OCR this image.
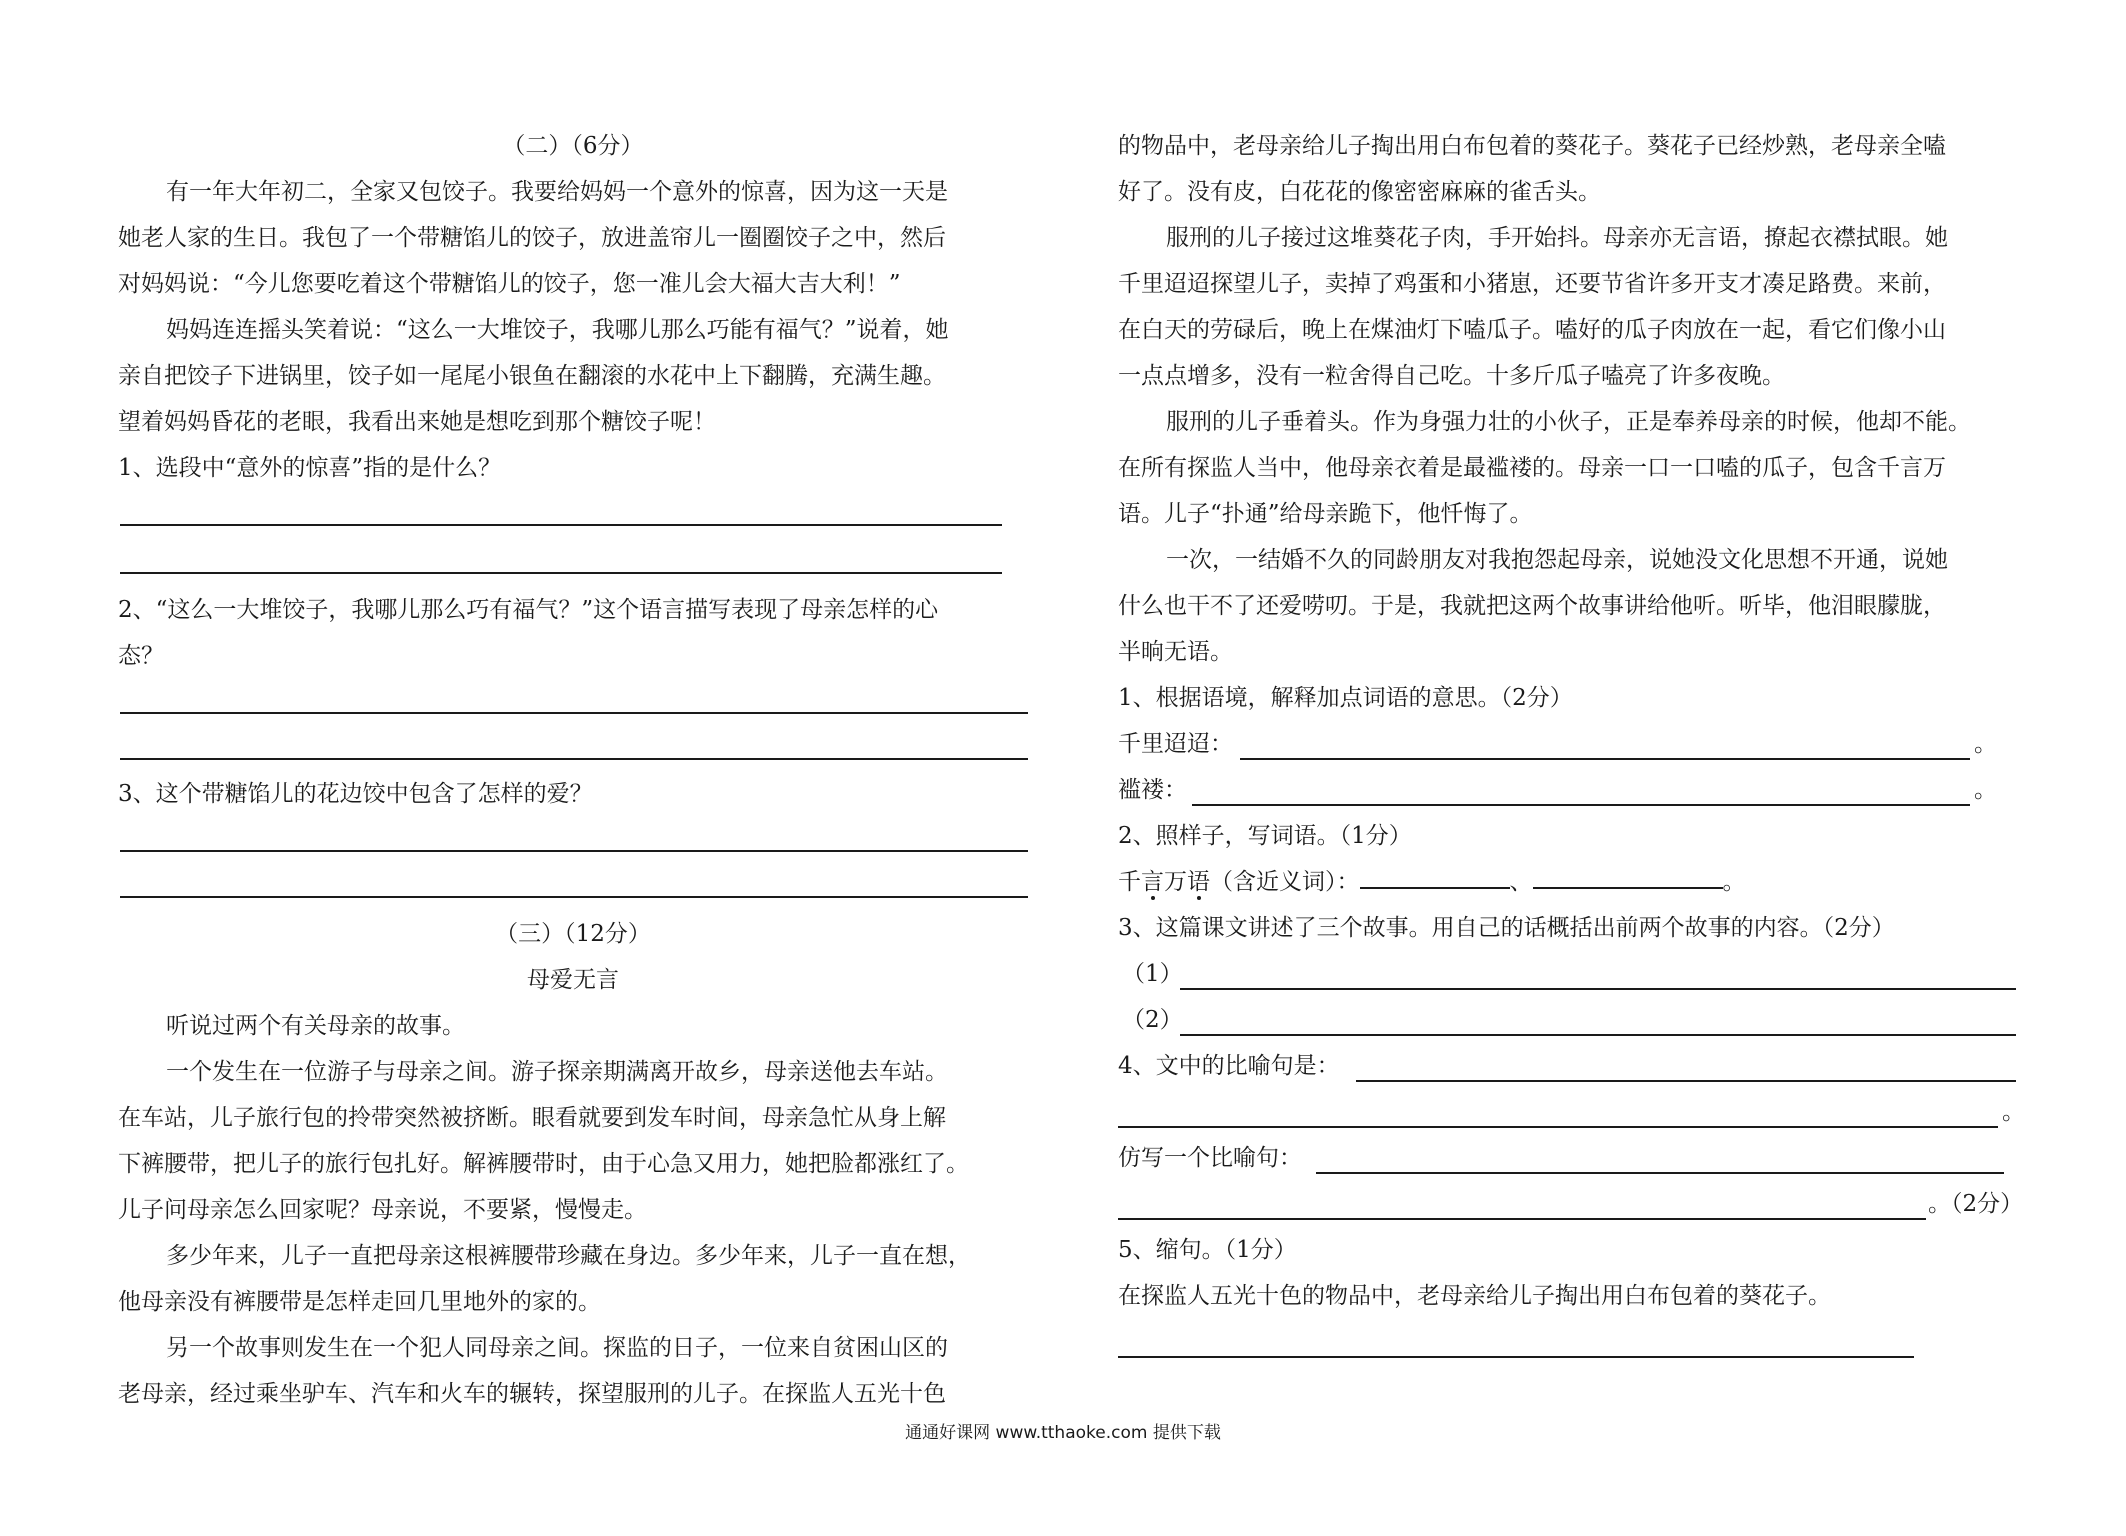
（二）（6分）
有一年大年初二，全家又包饺子。我要给妈妈一个意外的惊喜，因为这一天是
她老人家的生日。我包了一个带糖馅儿的饺子，放进盖帘儿一圈圈饺子之中，然后
对妈妈说：“今儿您要吃着这个带糖馅儿的饺子，您一准儿会大福大吉大利！”
妈妈连连摇头笑着说：“这么一大堆饺子，我哪儿那么巧能有福气？”说着，她
亲自把饺子下进锅里，饺子如一尾尾小银鱼在翻滚的水花中上下翻腾，充满生趣。
望着妈妈昏花的老眼，我看出来她是想吃到那个糖饺子呢！
1、选段中“意外的惊喜”指的是什么？
2、“这么一大堆饺子，我哪儿那么巧有福气？”这个语言描写表现了母亲怎样的心
态？
3、这个带糖馅儿的花边饺中包含了怎样的爱？
（三）（12分）
母爱无言
听说过两个有关母亲的故事。
一个发生在一位游子与母亲之间。游子探亲期满离开故乡，母亲送他去车站。
在车站，儿子旅行包的拎带突然被挤断。眼看就要到发车时间，母亲急忙从身上解
下裤腰带，把儿子的旅行包扎好。解裤腰带时，由于心急又用力，她把脸都涨红了。
儿子问母亲怎么回家呢？母亲说，不要紧，慢慢走。
多少年来，儿子一直把母亲这根裤腰带珍藏在身边。多少年来，儿子一直在想，
他母亲没有裤腰带是怎样走回几里地外的家的。
另一个故事则发生在一个犯人同母亲之间。探监的日子，一位来自贫困山区的
老母亲，经过乘坐驴车、汽车和火车的辗转，探望服刑的儿子。在探监人五光十色
的物品中，老母亲给儿子掏出用白布包着的葵花子。葵花子已经炒熟，老母亲全嗑
好了。没有皮，白花花的像密密麻麻的雀舌头。
服刑的儿子接过这堆葵花子肉，手开始抖。母亲亦无言语，撩起衣襟拭眼。她
千里迢迢探望儿子，卖掉了鸡蛋和小猪崽，还要节省许多开支才凑足路费。来前，
在白天的劳碌后，晚上在煤油灯下嗑瓜子。嗑好的瓜子肉放在一起，看它们像小山
一点点增多，没有一粒舍得自己吃。十多斤瓜子嗑亮了许多夜晚。
服刑的儿子垂着头。作为身强力壮的小伙子，正是奉养母亲的时候，他却不能。
在所有探监人当中，他母亲衣着是最褴褛的。母亲一口一口嗑的瓜子，包含千言万
语。儿子“扑通”给母亲跪下，他忏悔了。
一次，一结婚不久的同龄朋友对我抱怨起母亲，说她没文化思想不开通，说她
什么也干不了还爱唠叨。于是，我就把这两个故事讲给他听。听毕，他泪眼朦胧，
半晌无语。
1、根据语境，解释加点词语的意思。（2分）
千里迢迢：	。
褴褛：	。
2、照样子，写词语。（1分）
千言万语（含近义词）：	、	。
3、这篇课文讲述了三个故事。用自己的话概括出前两个故事的内容。（2分）
（1）
（2）
4、文中的比喻句是：
。
仿写一个比喻句：
。（2分）
5、缩句。（1分）
在探监人五光十色的物品中，老母亲给儿子掏出用白布包着的葵花子。
通通好课网 www.tthaoke.com 提供下载
